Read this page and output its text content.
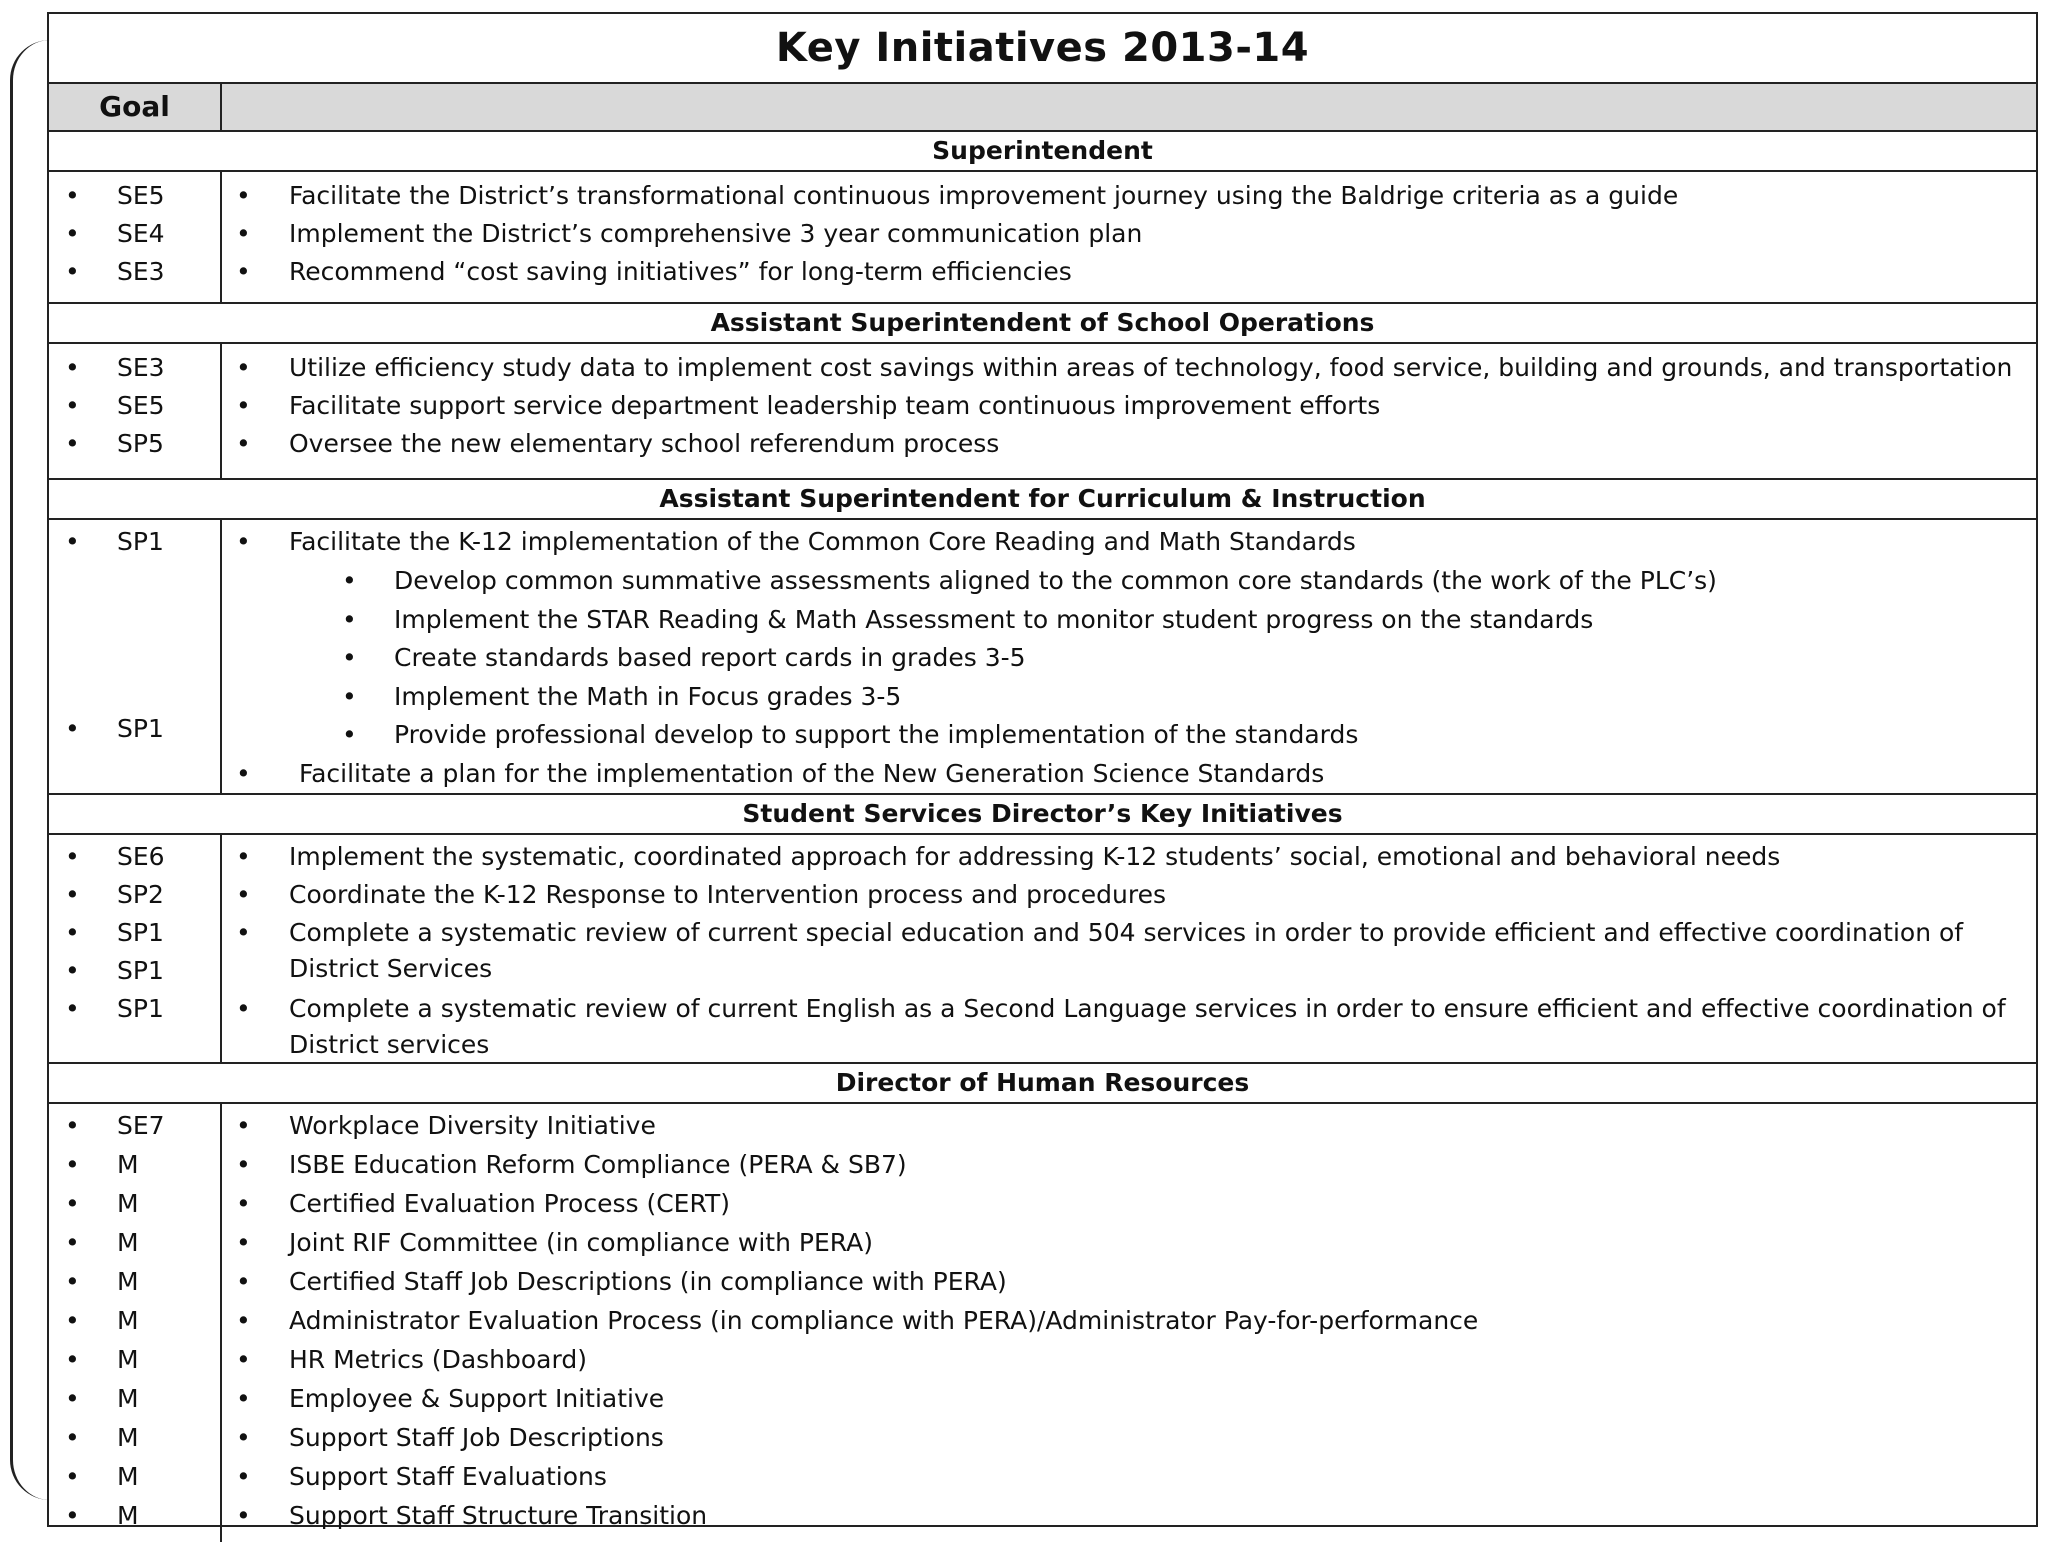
Key Initiatives 2013-14
Goal
Superintendent
• SE5
• SE4
• SE3
• Facilitate the District’s transformational continuous improvement journey using the Baldrige criteria as a guide
• Implement the District’s comprehensive 3 year communication plan
• Recommend “cost saving initiatives” for long-term efficiencies
Assistant Superintendent of School Operations
• SE3
• SE5
• SP5
• Utilize efficiency study data to implement cost savings within areas of technology, food service, building and grounds, and transportation
• Facilitate support service department leadership team continuous improvement efforts
• Oversee the new elementary school referendum process
Assistant Superintendent for Curriculum & Instruction
• SP1
• SP1
• Facilitate the K-12 implementation of the Common Core Reading and Math Standards
• Develop common summative assessments aligned to the common core standards (the work of the PLC’s)
• Implement the STAR Reading & Math Assessment to monitor student progress on the standards
• Create standards based report cards in grades 3-5
• Implement the Math in Focus grades 3-5
• Provide professional develop to support the implementation of the standards
• Facilitate a plan for the implementation of the New Generation Science Standards
Student Services Director’s Key Initiatives
• SE6
• SP2
• SP1
• SP1
• SP1
• Implement the systematic, coordinated approach for addressing K-12 students’ social, emotional and behavioral needs
• Coordinate the K-12 Response to Intervention process and procedures
• Complete a systematic review of current special education and 504 services in order to provide efficient and effective coordination of District Services
• Complete a systematic review of current English as a Second Language services in order to ensure efficient and effective coordination of District services
Director of Human Resources
• SE7
• M
• M
• M
• M
• M
• M
• M
• M
• M
• M
• Workplace Diversity Initiative
• ISBE Education Reform Compliance (PERA & SB7)
• Certified Evaluation Process (CERT)
• Joint RIF Committee (in compliance with PERA)
• Certified Staff Job Descriptions (in compliance with PERA)
• Administrator Evaluation Process (in compliance with PERA)/Administrator Pay-for-performance
• HR Metrics (Dashboard)
• Employee & Support Initiative
• Support Staff Job Descriptions
• Support Staff Evaluations
• Support Staff Structure Transition
